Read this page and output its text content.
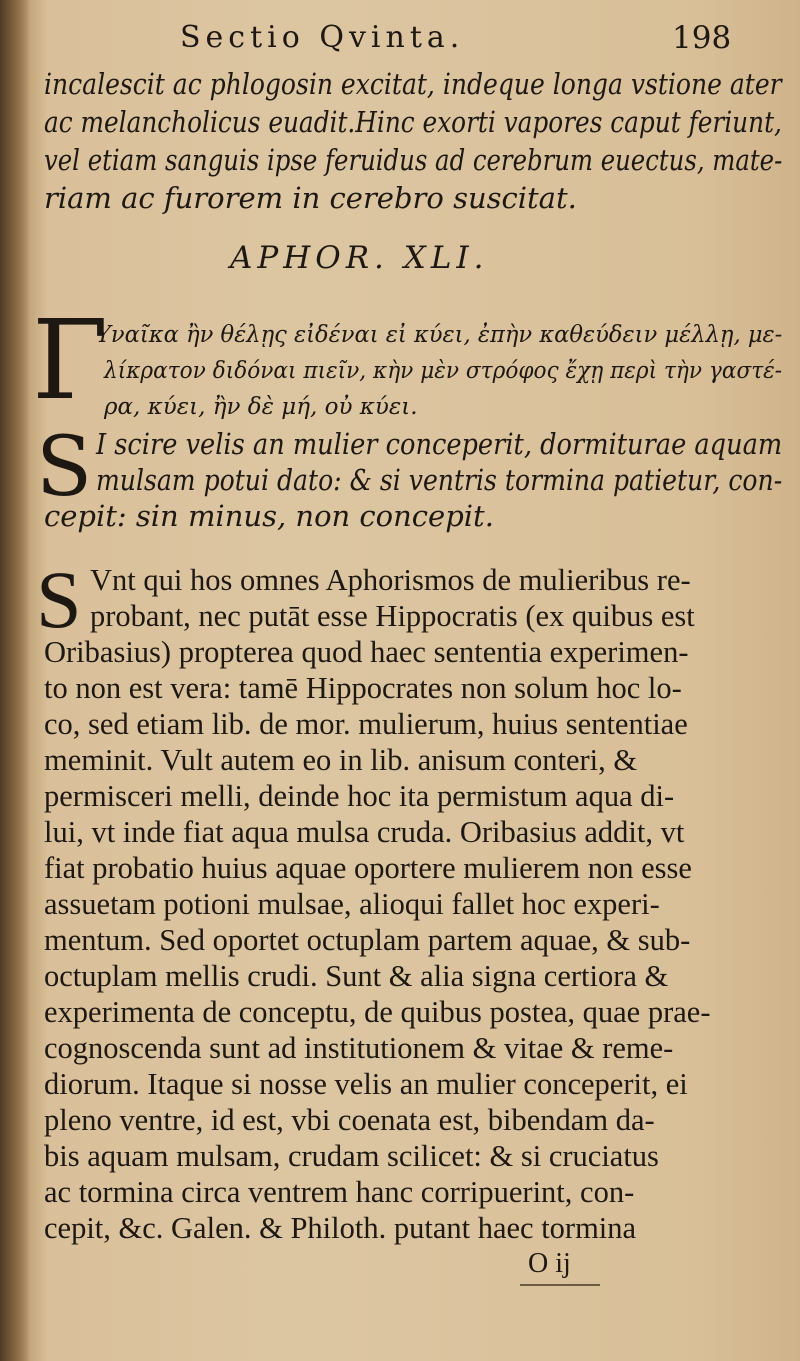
Sectio Qvinta.	198
incalescit ac phlogosin excitat, indeque longa vstione ater
ac melancholicus euadit.Hinc exorti vapores caput feriunt,
vel etiam sanguis ipse feruidus ad cerebrum euectus, mate-
riam ac furorem in cerebro suscitat.
APHOR. XLI.
Γ
Υναῖκα ἢν θέλῃς εἰδέναι εἰ κύει, ἐπὴν καθεύδειν μέλλῃ, με-
λίκρατον διδόναι πιεῖν, κὴν μὲν στρόφος ἔχῃ περὶ τὴν γαστέ-
ρα, κύει, ἢν δὲ μή, οὐ κύει.
S I scire velis an mulier conceperit, dormiturae aquam
mulsam potui dato: & si ventris tormina patietur, con-
cepit: sin minus, non concepit.
S Vnt qui hos omnes Aphorismos de mulieribus re-
probant, nec putāt esse Hippocratis (ex quibus est
Oribasius) propterea quod haec sententia experimen-
to non est vera: tamē Hippocrates non solum hoc lo-
co, sed etiam lib. de mor. mulierum, huius sententiae
meminit. Vult autem eo in lib. anisum conteri, &
permisceri melli, deinde hoc ita permistum aqua di-
lui, vt inde fiat aqua mulsa cruda. Oribasius addit, vt
fiat probatio huius aquae oportere mulierem non esse
assuetam potioni mulsae, alioqui fallet hoc experi-
mentum. Sed oportet octuplam partem aquae, & sub-
octuplam mellis crudi. Sunt & alia signa certiora &
experimenta de conceptu, de quibus postea, quae prae-
cognoscenda sunt ad institutionem & vitae & reme-
diorum. Itaque si nosse velis an mulier conceperit, ei
pleno ventre, id est, vbi coenata est, bibendam da-
bis aquam mulsam, crudam scilicet: & si cruciatus
ac tormina circa ventrem hanc corripuerint, con-
cepit, &c. Galen. & Philoth. putant haec tormina
O ij
